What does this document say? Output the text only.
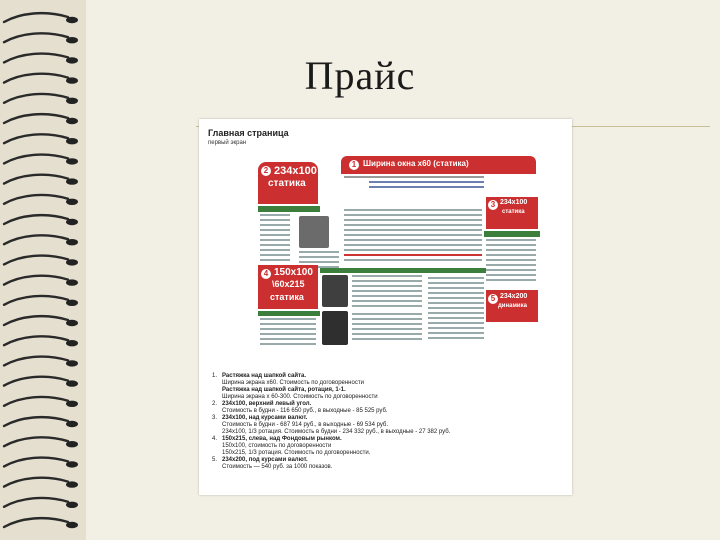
Прайс
Главная страница
первый экран
1 Ширина окна х60 (статика)
2 234x100
статика
3 234x100
статика
4 150x100
\60x215
статика	5 234x200
динамика
1. Растяжка над шапкой сайта.
Ширина экрана х60. Стоимость по договоренности
Растяжка над шапкой сайта, ротация, 1-1.
Ширина экрана х 60-300. Стоимость по договоренности
2. 234x100, верхний левый угол.
Стоимость в будни - 116 650 руб., в выходные - 85 525 руб.
3. 234x100, над курсами валют.
Стоимость в будни - 687 914 руб., в выходные - 69 534 руб.
234x100, 1/3 ротация. Стоимость в будни - 234 332 руб., в выходные - 27 382 руб.
4. 150x215, слева, над Фондовым рынком.
150x100, стоимость по договоренности
150x215, 1/3 ротация. Стоимость по договоренности.
5. 234x200, под курсами валют.
Стоимость — 540 руб. за 1000 показов.
